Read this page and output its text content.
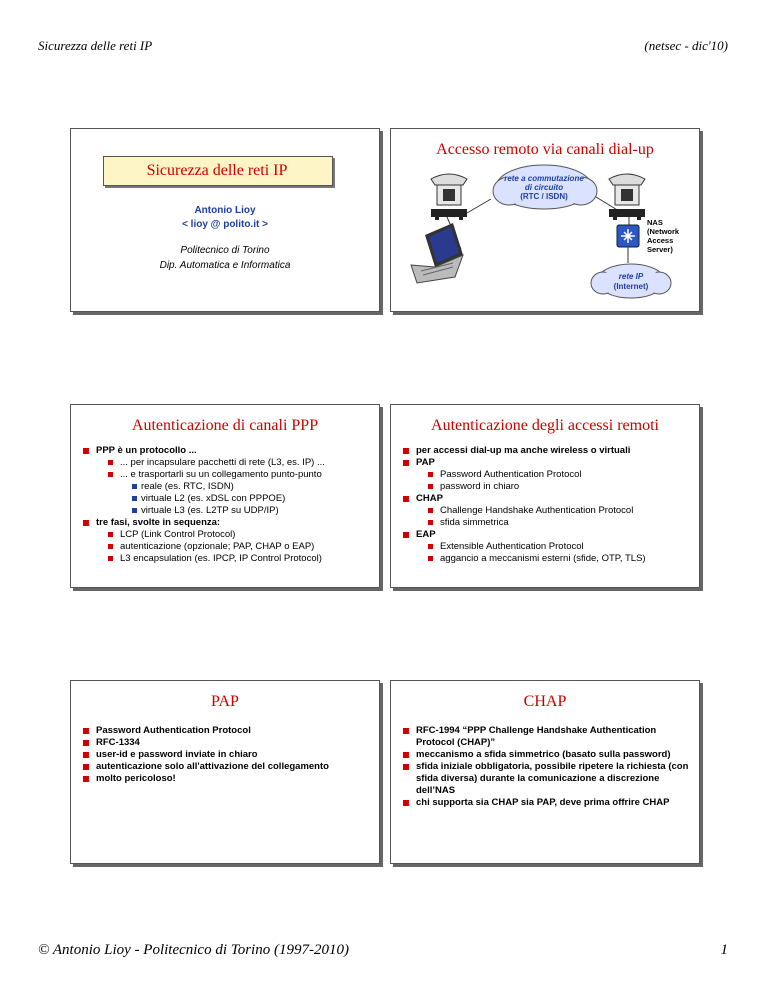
Sicurezza delle reti IP	(netsec - dic'10)
Sicurezza delle reti IP
Antonio Lioy
< lioy @ polito.it >
Politecnico di Torino
Dip. Automatica e Informatica
Accesso remoto via canali dial-up
rete a commutazione
di circuito
(RTC / ISDN)
NAS
(Network
Access
Server)
rete IP
(Internet)
Autenticazione di canali PPP
PPP è un protocollo ...
... per incapsulare pacchetti di rete (L3, es. IP) ...
... e trasportarli su un collegamento punto-punto
reale (es. RTC, ISDN)
virtuale L2 (es. xDSL con PPPOE)
virtuale L3 (es. L2TP su UDP/IP)
tre fasi, svolte in sequenza:
LCP (Link Control Protocol)
autenticazione (opzionale; PAP, CHAP o EAP)
L3 encapsulation (es. IPCP, IP Control Protocol)
Autenticazione degli accessi remoti
per accessi dial-up ma anche wireless o virtuali
PAP
Password Authentication Protocol
password in chiaro
CHAP
Challenge Handshake Authentication Protocol
sfida simmetrica
EAP
Extensible Authentication Protocol
aggancio a meccanismi esterni (sfide, OTP, TLS)
PAP
Password Authentication Protocol
RFC-1334
user-id e password inviate in chiaro
autenticazione solo all'attivazione del collegamento
molto pericoloso!
CHAP
RFC-1994 “PPP Challenge Handshake Authentication Protocol (CHAP)”
meccanismo a sfida simmetrico (basato sulla password)
sfida iniziale obbligatoria, possibile ripetere la richiesta (con sfida diversa) durante la comunicazione a discrezione dell’NAS
chi supporta sia CHAP sia PAP, deve prima offrire CHAP
© Antonio Lioy - Politecnico di Torino (1997-2010)	1
